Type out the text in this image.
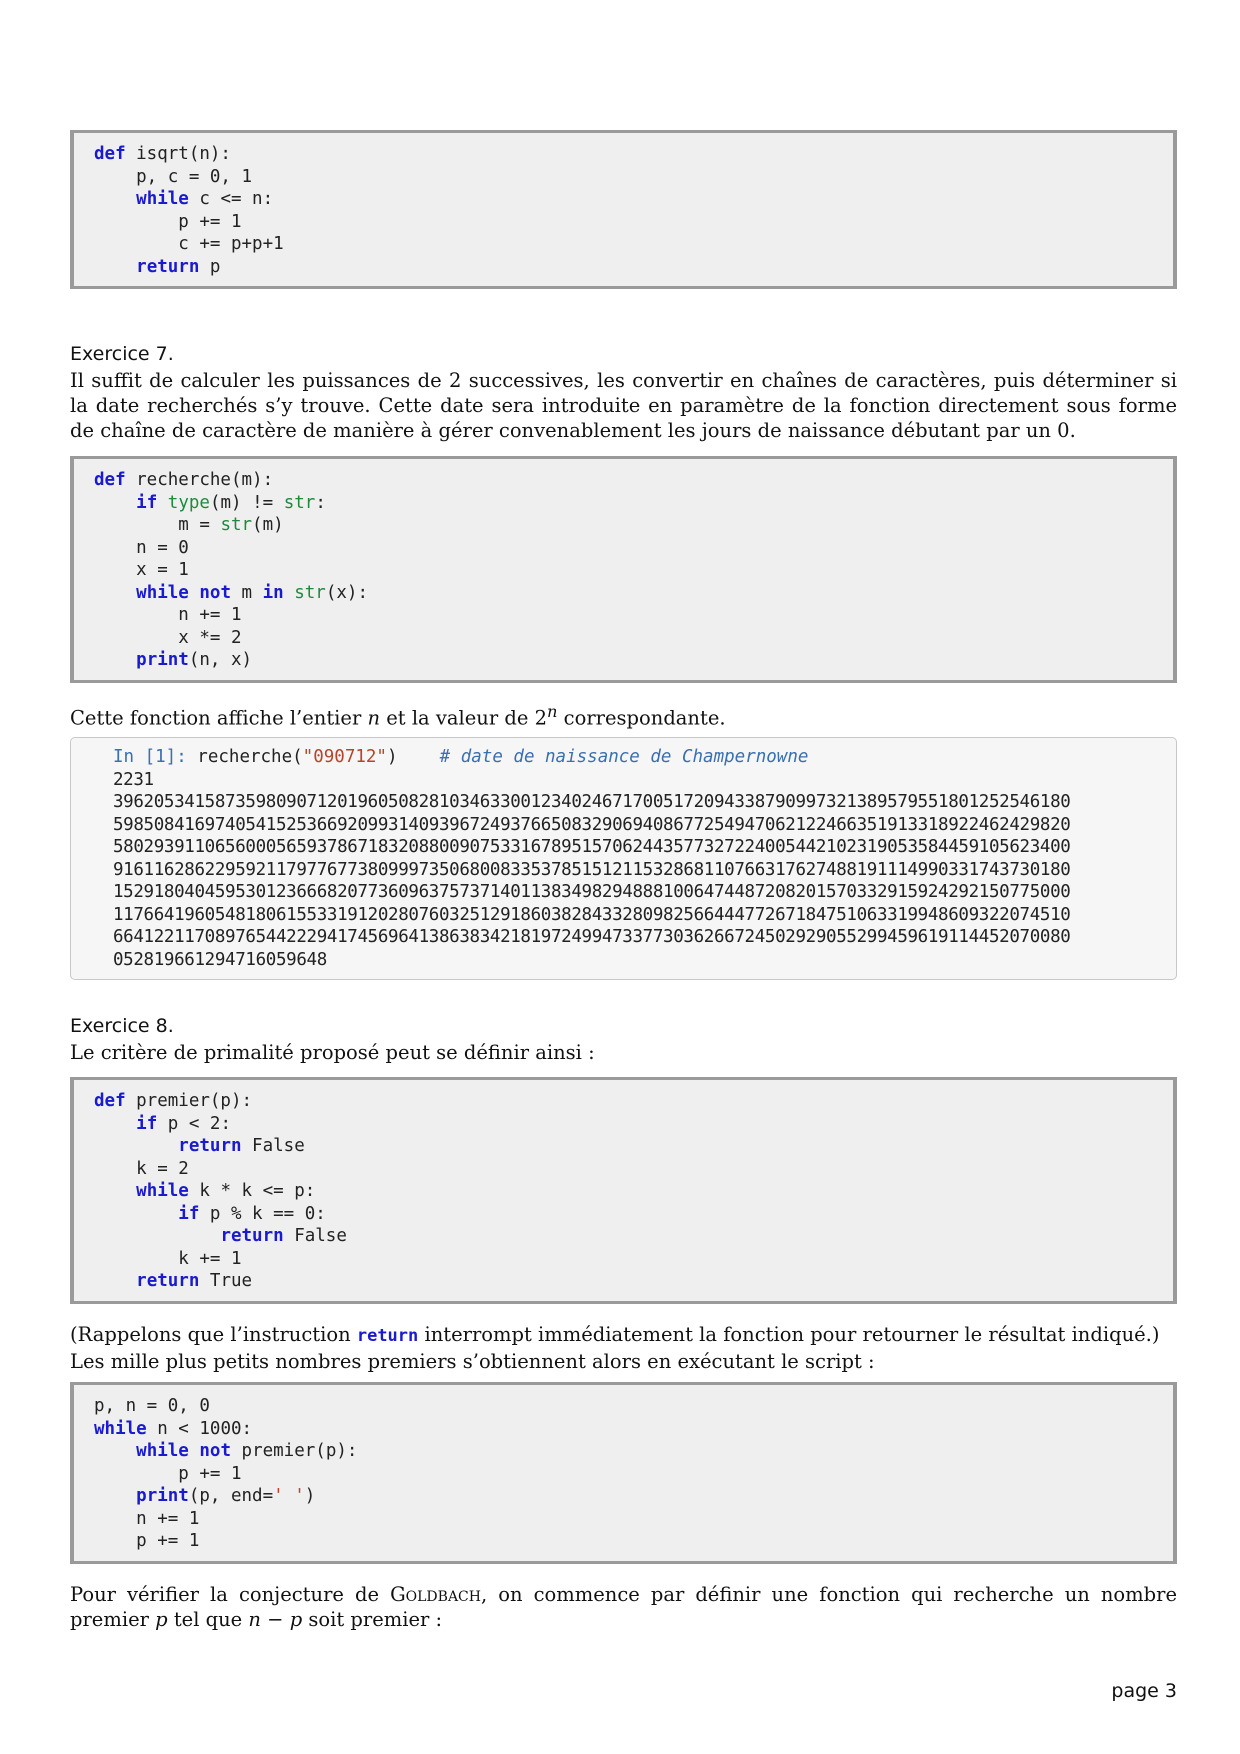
def isqrt(n):
p, c = 0, 1
while c <= n:
p += 1
c += p+p+1
return p
Exercice 7.

Il suffit de calculer les puissances de 2 successives, les convertir en chaînes de caractères, puis déterminer si la date recherchés s’y trouve. Cette date sera introduite en paramètre de la fonction directement sous forme de chaîne de caractère de manière à gérer convenablement les jours de naissance débutant par un 0.

def recherche(m):
if type(m) != str:
m = str(m)
n = 0
x = 1
while not m in str(x):
n += 1
x *= 2
print(n, x)

Cette fonction affiche l’entier n et la valeur de 2$^n$ correspondante.

In [1]: recherche("090712")    # date de naissance de Champernowne
2231
3962053415873598090712019605082810346330012340246717005172094338790997321389579551801252546180
5985084169740541525366920993140939672493766508329069408677254947062122466351913318922462429820
5802939110656000565937867183208800907533167895157062443577327224005442102319053584459105623400
9161162862295921179776773809997350680083353785151211532868110766317627488191114990331743730180
1529180404595301236668207736096375737140113834982948881006474487208201570332915924292150775000
1176641960548180615533191202807603251291860382843328098256644477267184751063319948609322074510
6641221170897654422294174569641386383421819724994733773036266724502929055299459619114452070080
052819661294716059648
Exercice 8.

Le critère de primalité proposé peut se définir ainsi :

def premier(p):
if p < 2:
return False
k = 2
while k * k <= p:
if p % k == 0:
return False
k += 1
return True

(Rappelons que l’instruction return interrompt immédiatement la fonction pour retourner le résultat indiqué.)

Les mille plus petits nombres premiers s’obtiennent alors en exécutant le script :

p, n = 0, 0
while n < 1000:
while not premier(p):
p += 1
print(p, end=' ')
n += 1
p += 1

Pour vérifier la conjecture de Goldbach, on commence par définir une fonction qui recherche un nombre premier p tel que n − p soit premier :

page 3
